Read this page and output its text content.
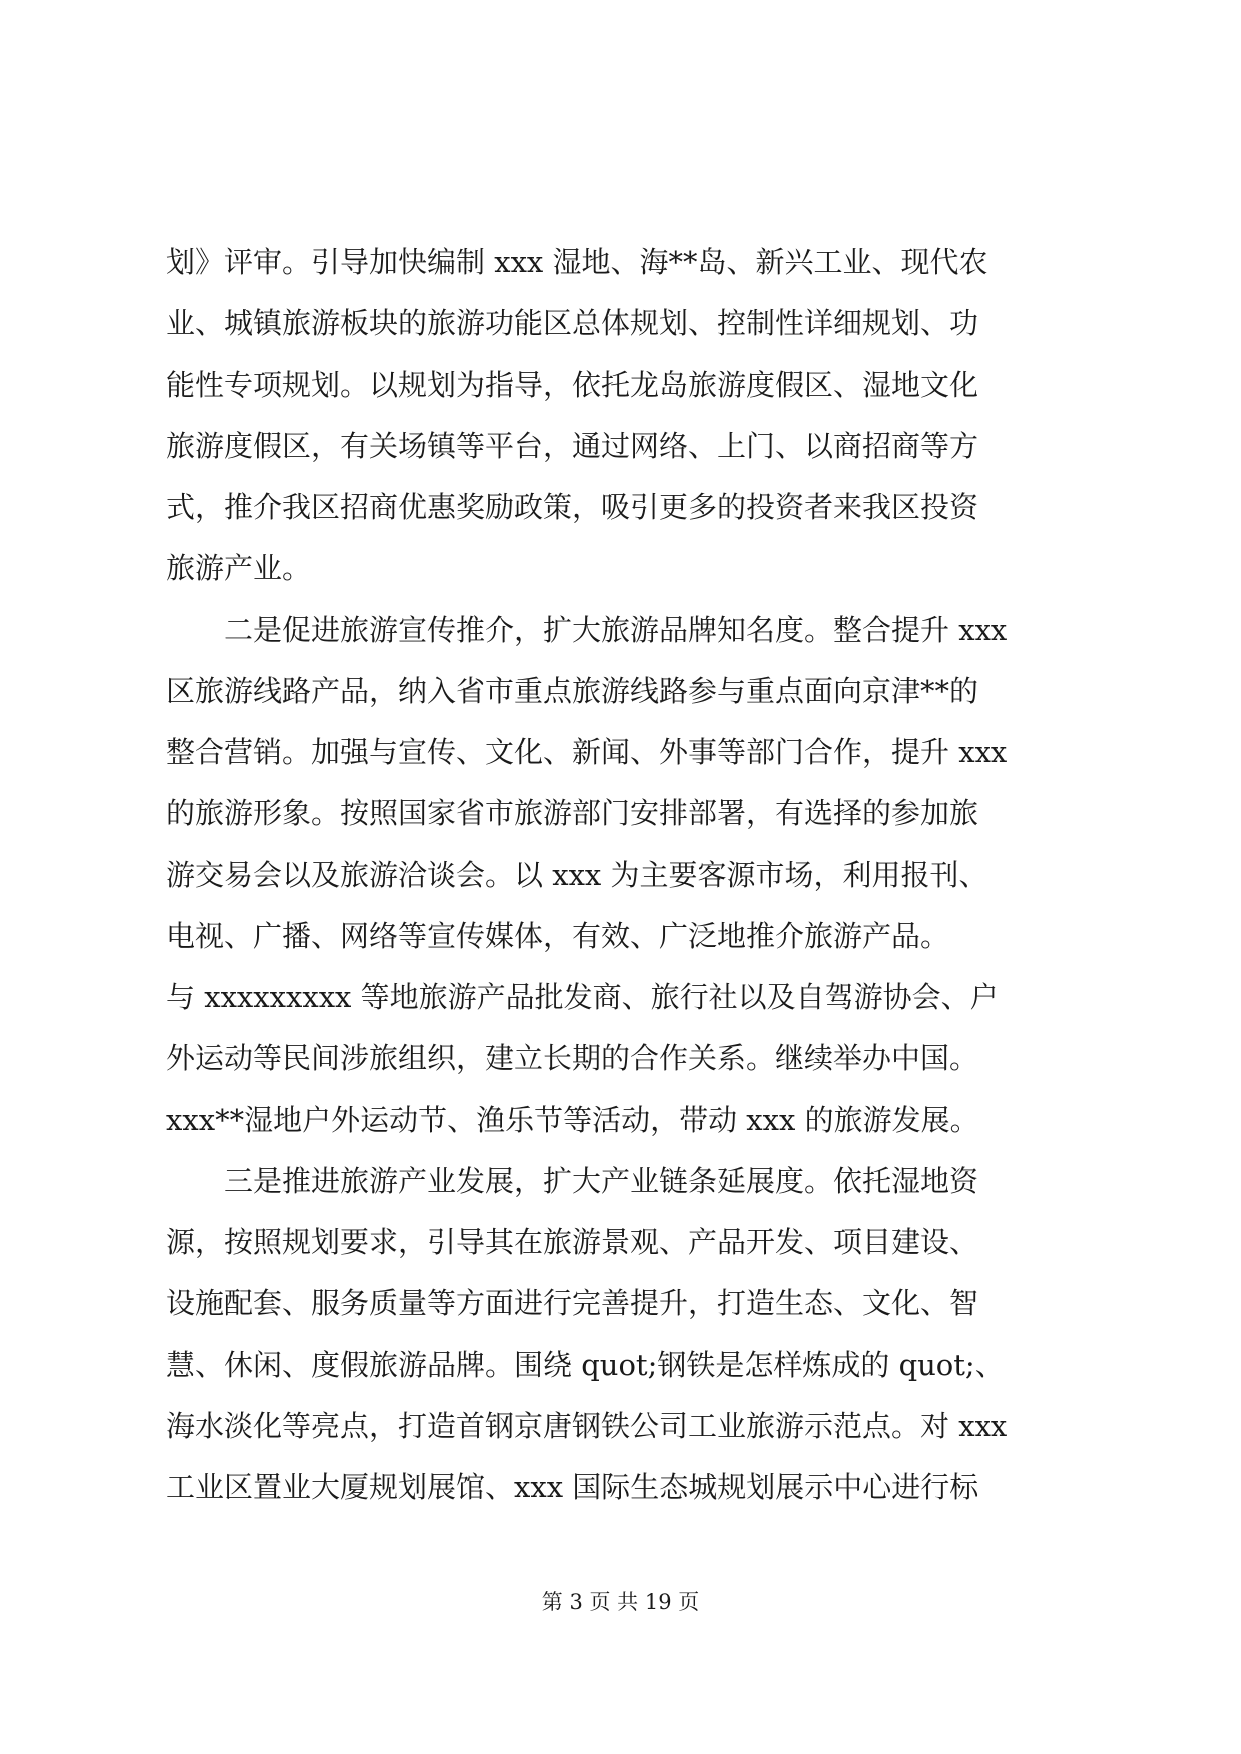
划》评审。引导加快编制 xxx 湿地、海**岛、新兴工业、现代农
业、城镇旅游板块的旅游功能区总体规划、控制性详细规划、功
能性专项规划。以规划为指导，依托龙岛旅游度假区、湿地文化
旅游度假区，有关场镇等平台，通过网络、上门、以商招商等方
式，推介我区招商优惠奖励政策，吸引更多的投资者来我区投资
旅游产业。
　　二是促进旅游宣传推介，扩大旅游品牌知名度。整合提升 xxx
区旅游线路产品，纳入省市重点旅游线路参与重点面向京津**的
整合营销。加强与宣传、文化、新闻、外事等部门合作，提升 xxx
的旅游形象。按照国家省市旅游部门安排部署，有选择的参加旅
游交易会以及旅游洽谈会。以 xxx 为主要客源市场，利用报刊、
电视、广播、网络等宣传媒体，有效、广泛地推介旅游产品。
与 xxxxxxxxx 等地旅游产品批发商、旅行社以及自驾游协会、户
外运动等民间涉旅组织，建立长期的合作关系。继续举办中国。
xxx**湿地户外运动节、渔乐节等活动，带动 xxx 的旅游发展。
　　三是推进旅游产业发展，扩大产业链条延展度。依托湿地资
源，按照规划要求，引导其在旅游景观、产品开发、项目建设、
设施配套、服务质量等方面进行完善提升，打造生态、文化、智
慧、休闲、度假旅游品牌。围绕 quot;钢铁是怎样炼成的 quot;、
海水淡化等亮点，打造首钢京唐钢铁公司工业旅游示范点。对 xxx
工业区置业大厦规划展馆、xxx 国际生态城规划展示中心进行标
第 3 页 共 19 页
